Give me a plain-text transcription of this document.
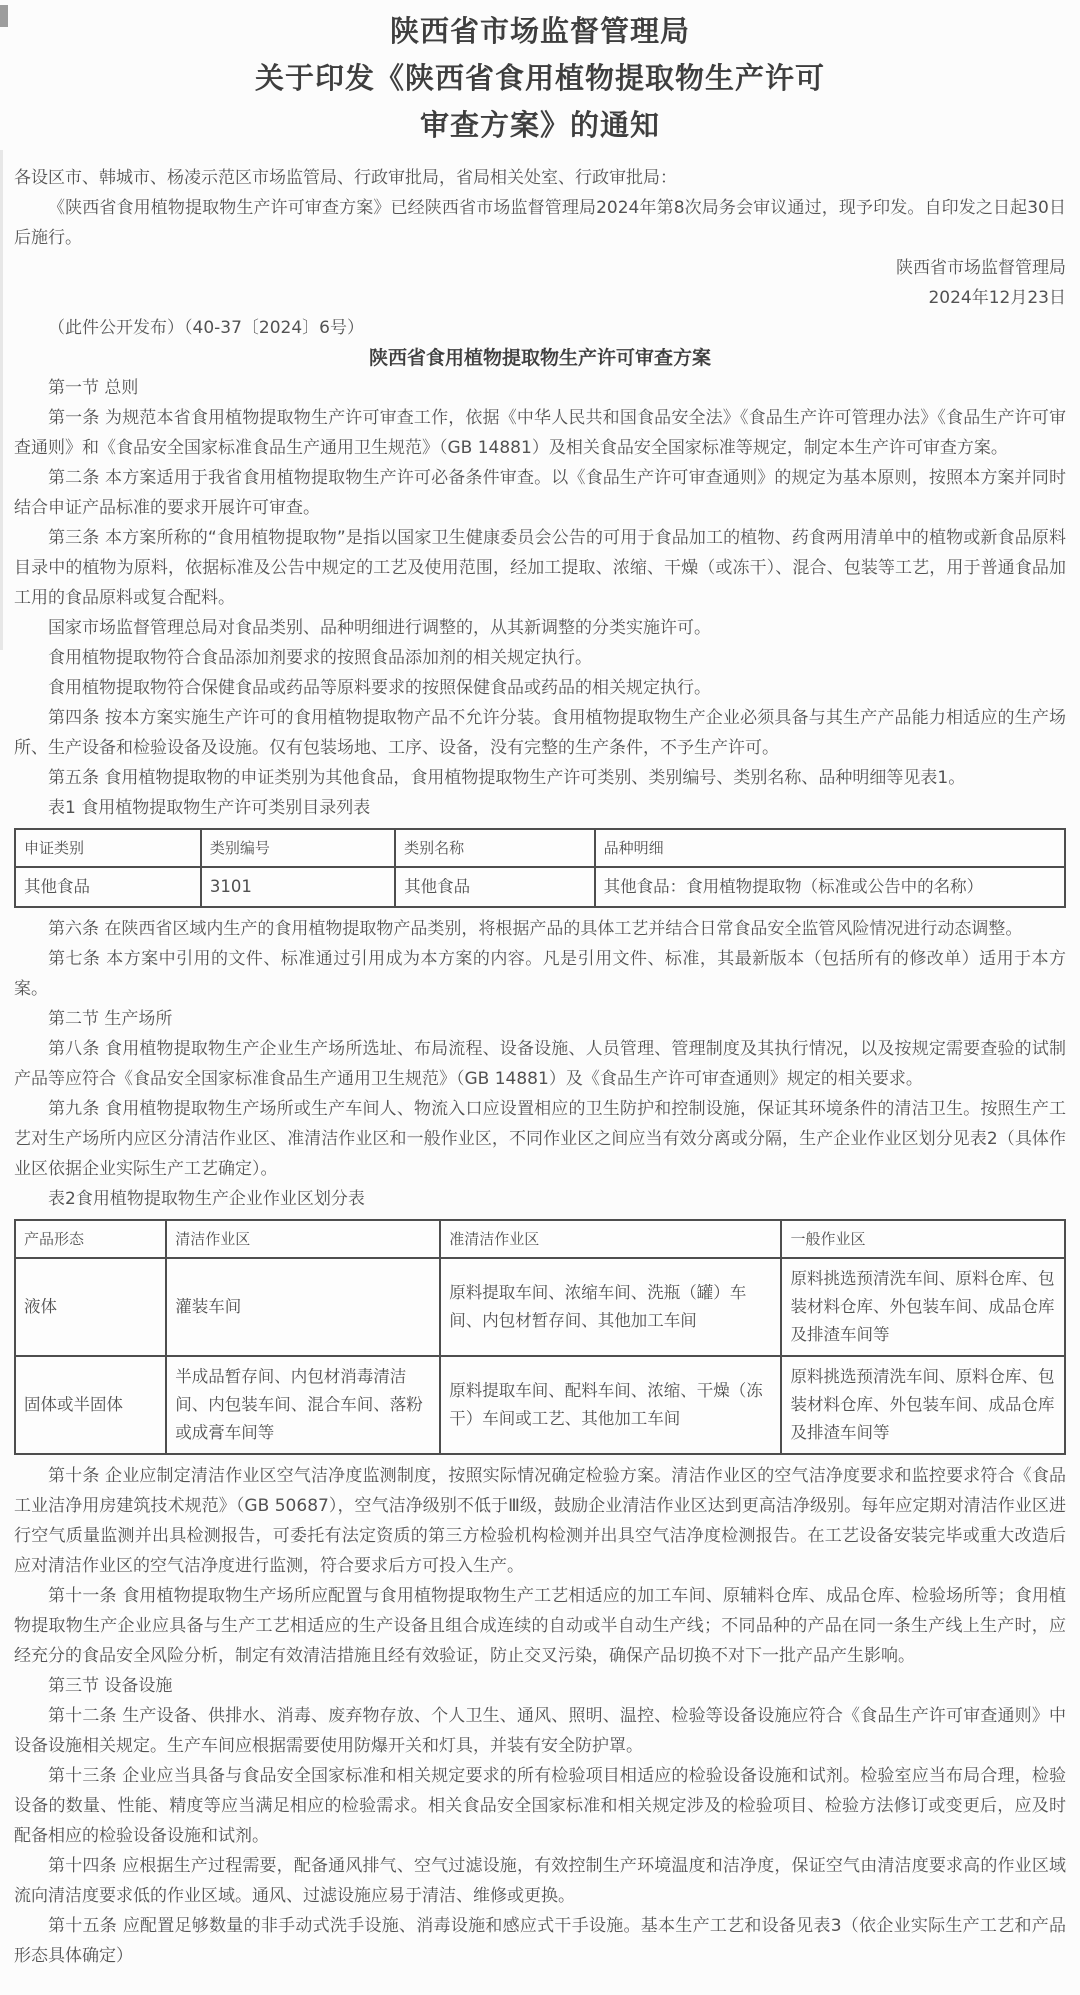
陕西省市场监督管理局
关于印发《陕西省食用植物提取物生产许可
审查方案》的通知
各设区市、韩城市、杨凌示范区市场监管局、行政审批局，省局相关处室、行政审批局：
《陕西省食用植物提取物生产许可审查方案》已经陕西省市场监督管理局2024年第8次局务会审议通过，现予印发。自印发之日起30日后施行。
陕西省市场监督管理局
2024年12月23日
（此件公开发布）（40-37〔2024〕6号）
陕西省食用植物提取物生产许可审查方案
第一节 总则
第一条 为规范本省食用植物提取物生产许可审查工作，依据《中华人民共和国食品安全法》《食品生产许可管理办法》《食品生产许可审查通则》和《食品安全国家标准食品生产通用卫生规范》（GB 14881）及相关食品安全国家标准等规定，制定本生产许可审查方案。
第二条 本方案适用于我省食用植物提取物生产许可必备条件审查。以《食品生产许可审查通则》的规定为基本原则，按照本方案并同时结合申证产品标准的要求开展许可审查。
第三条 本方案所称的“食用植物提取物”是指以国家卫生健康委员会公告的可用于食品加工的植物、药食两用清单中的植物或新食品原料目录中的植物为原料，依据标准及公告中规定的工艺及使用范围，经加工提取、浓缩、干燥（或冻干）、混合、包装等工艺，用于普通食品加工用的食品原料或复合配料。
国家市场监督管理总局对食品类别、品种明细进行调整的，从其新调整的分类实施许可。
食用植物提取物符合食品添加剂要求的按照食品添加剂的相关规定执行。
食用植物提取物符合保健食品或药品等原料要求的按照保健食品或药品的相关规定执行。
第四条 按本方案实施生产许可的食用植物提取物产品不允许分装。食用植物提取物生产企业必须具备与其生产产品能力相适应的生产场所、生产设备和检验设备及设施。仅有包装场地、工序、设备，没有完整的生产条件，不予生产许可。
第五条 食用植物提取物的申证类别为其他食品，食用植物提取物生产许可类别、类别编号、类别名称、品种明细等见表1。
表1 食用植物提取物生产许可类别目录列表
申证类别	类别编号	类别名称	品种明细
其他食品	3101	其他食品	其他食品：食用植物提取物（标准或公告中的名称）
第六条 在陕西省区域内生产的食用植物提取物产品类别，将根据产品的具体工艺并结合日常食品安全监管风险情况进行动态调整。
第七条 本方案中引用的文件、标准通过引用成为本方案的内容。凡是引用文件、标准，其最新版本（包括所有的修改单）适用于本方案。
第二节 生产场所
第八条 食用植物提取物生产企业生产场所选址、布局流程、设备设施、人员管理、管理制度及其执行情况，以及按规定需要查验的试制产品等应符合《食品安全国家标准食品生产通用卫生规范》（GB 14881）及《食品生产许可审查通则》规定的相关要求。
第九条 食用植物提取物生产场所或生产车间人、物流入口应设置相应的卫生防护和控制设施，保证其环境条件的清洁卫生。按照生产工艺对生产场所内应区分清洁作业区、准清洁作业区和一般作业区，不同作业区之间应当有效分离或分隔，生产企业作业区划分见表2（具体作业区依据企业实际生产工艺确定）。
表2食用植物提取物生产企业作业区划分表
产品形态	清洁作业区	准清洁作业区	一般作业区
液体	灌装车间	原料提取车间、浓缩车间、洗瓶（罐）车间、内包材暂存间、其他加工车间	原料挑选预清洗车间、原料仓库、包装材料仓库、外包装车间、成品仓库及排渣车间等
固体或半固体	半成品暂存间、内包材消毒清洁间、内包装车间、混合车间、落粉或成膏车间等	原料提取车间、配料车间、浓缩、干燥（冻干）车间或工艺、其他加工车间	原料挑选预清洗车间、原料仓库、包装材料仓库、外包装车间、成品仓库及排渣车间等
第十条 企业应制定清洁作业区空气洁净度监测制度，按照实际情况确定检验方案。清洁作业区的空气洁净度要求和监控要求符合《食品工业洁净用房建筑技术规范》（GB 50687），空气洁净级别不低于Ⅲ级，鼓励企业清洁作业区达到更高洁净级别。每年应定期对清洁作业区进行空气质量监测并出具检测报告，可委托有法定资质的第三方检验机构检测并出具空气洁净度检测报告。在工艺设备安装完毕或重大改造后应对清洁作业区的空气洁净度进行监测，符合要求后方可投入生产。
第十一条 食用植物提取物生产场所应配置与食用植物提取物生产工艺相适应的加工车间、原辅料仓库、成品仓库、检验场所等；食用植物提取物生产企业应具备与生产工艺相适应的生产设备且组合成连续的自动或半自动生产线；不同品种的产品在同一条生产线上生产时，应经充分的食品安全风险分析，制定有效清洁措施且经有效验证，防止交叉污染，确保产品切换不对下一批产品产生影响。
第三节 设备设施
第十二条 生产设备、供排水、消毒、废弃物存放、个人卫生、通风、照明、温控、检验等设备设施应符合《食品生产许可审查通则》中设备设施相关规定。生产车间应根据需要使用防爆开关和灯具，并装有安全防护罩。
第十三条 企业应当具备与食品安全国家标准和相关规定要求的所有检验项目相适应的检验设备设施和试剂。检验室应当布局合理，检验设备的数量、性能、精度等应当满足相应的检验需求。相关食品安全国家标准和相关规定涉及的检验项目、检验方法修订或变更后，应及时配备相应的检验设备设施和试剂。
第十四条 应根据生产过程需要，配备通风排气、空气过滤设施，有效控制生产环境温度和洁净度，保证空气由清洁度要求高的作业区域流向清洁度要求低的作业区域。通风、过滤设施应易于清洁、维修或更换。
第十五条 应配置足够数量的非手动式洗手设施、消毒设施和感应式干手设施。基本生产工艺和设备见表3（依企业实际生产工艺和产品形态具体确定）
